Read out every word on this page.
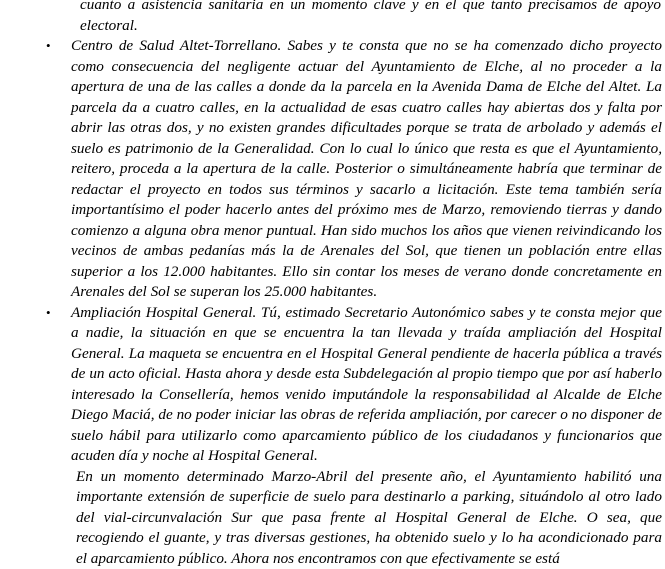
cuanto a asistencia sanitaria en un momento clave y en el que tanto precisamos de apoyo

electoral.

• Centro de Salud Altet-Torrellano. Sabes y te consta que no se ha comenzado dicho proyecto como consecuencia del negligente actuar del Ayuntamiento de Elche, al no proceder a la apertura de una de las calles a donde da la parcela en la Avenida Dama de Elche del Altet. La parcela da a cuatro calles, en la actualidad de esas cuatro calles hay abiertas dos y falta por abrir las otras dos, y no existen grandes dificultades porque se trata de arbolado y además el suelo es patrimonio de la Generalidad. Con lo cual lo único que resta es que el Ayuntamiento, reitero, proceda a la apertura de la calle. Posterior o simultáneamente habría que terminar de redactar el proyecto en todos sus términos y sacarlo a licitación. Este tema también sería importantísimo el poder hacerlo antes del próximo mes de Marzo, removiendo tierras y dando comienzo a alguna obra menor puntual. Han sido muchos los años que vienen reivindicando los vecinos de ambas pedanías más la de Arenales del Sol, que tienen un población entre ellas superior a los 12.000 habitantes. Ello sin contar los meses de verano donde concretamente en Arenales del Sol se superan los 25.000 habitantes.

• Ampliación Hospital General. Tú, estimado Secretario Autonómico sabes y te consta mejor que a nadie, la situación en que se encuentra la tan llevada y traída ampliación del Hospital General. La maqueta se encuentra en el Hospital General pendiente de hacerla pública a través de un acto oficial. Hasta ahora y desde esta Subdelegación al propio tiempo que por así haberlo interesado la Consellería, hemos venido imputándole la responsabilidad al Alcalde de Elche Diego Maciá, de no poder iniciar las obras de referida ampliación, por carecer o no disponer de suelo hábil para utilizarlo como aparcamiento público de los ciudadanos y funcionarios que acuden día y noche al Hospital General.

En un momento determinado Marzo-Abril del presente año, el Ayuntamiento habilitó una importante extensión de superficie de suelo para destinarlo a parking, situándolo al otro lado del vial-circunvalación Sur que pasa frente al Hospital General de Elche. O sea, que recogiendo el guante, y tras diversas gestiones, ha obtenido suelo y lo ha acondicionado para el aparcamiento público. Ahora nos encontramos con que efectivamente se está
